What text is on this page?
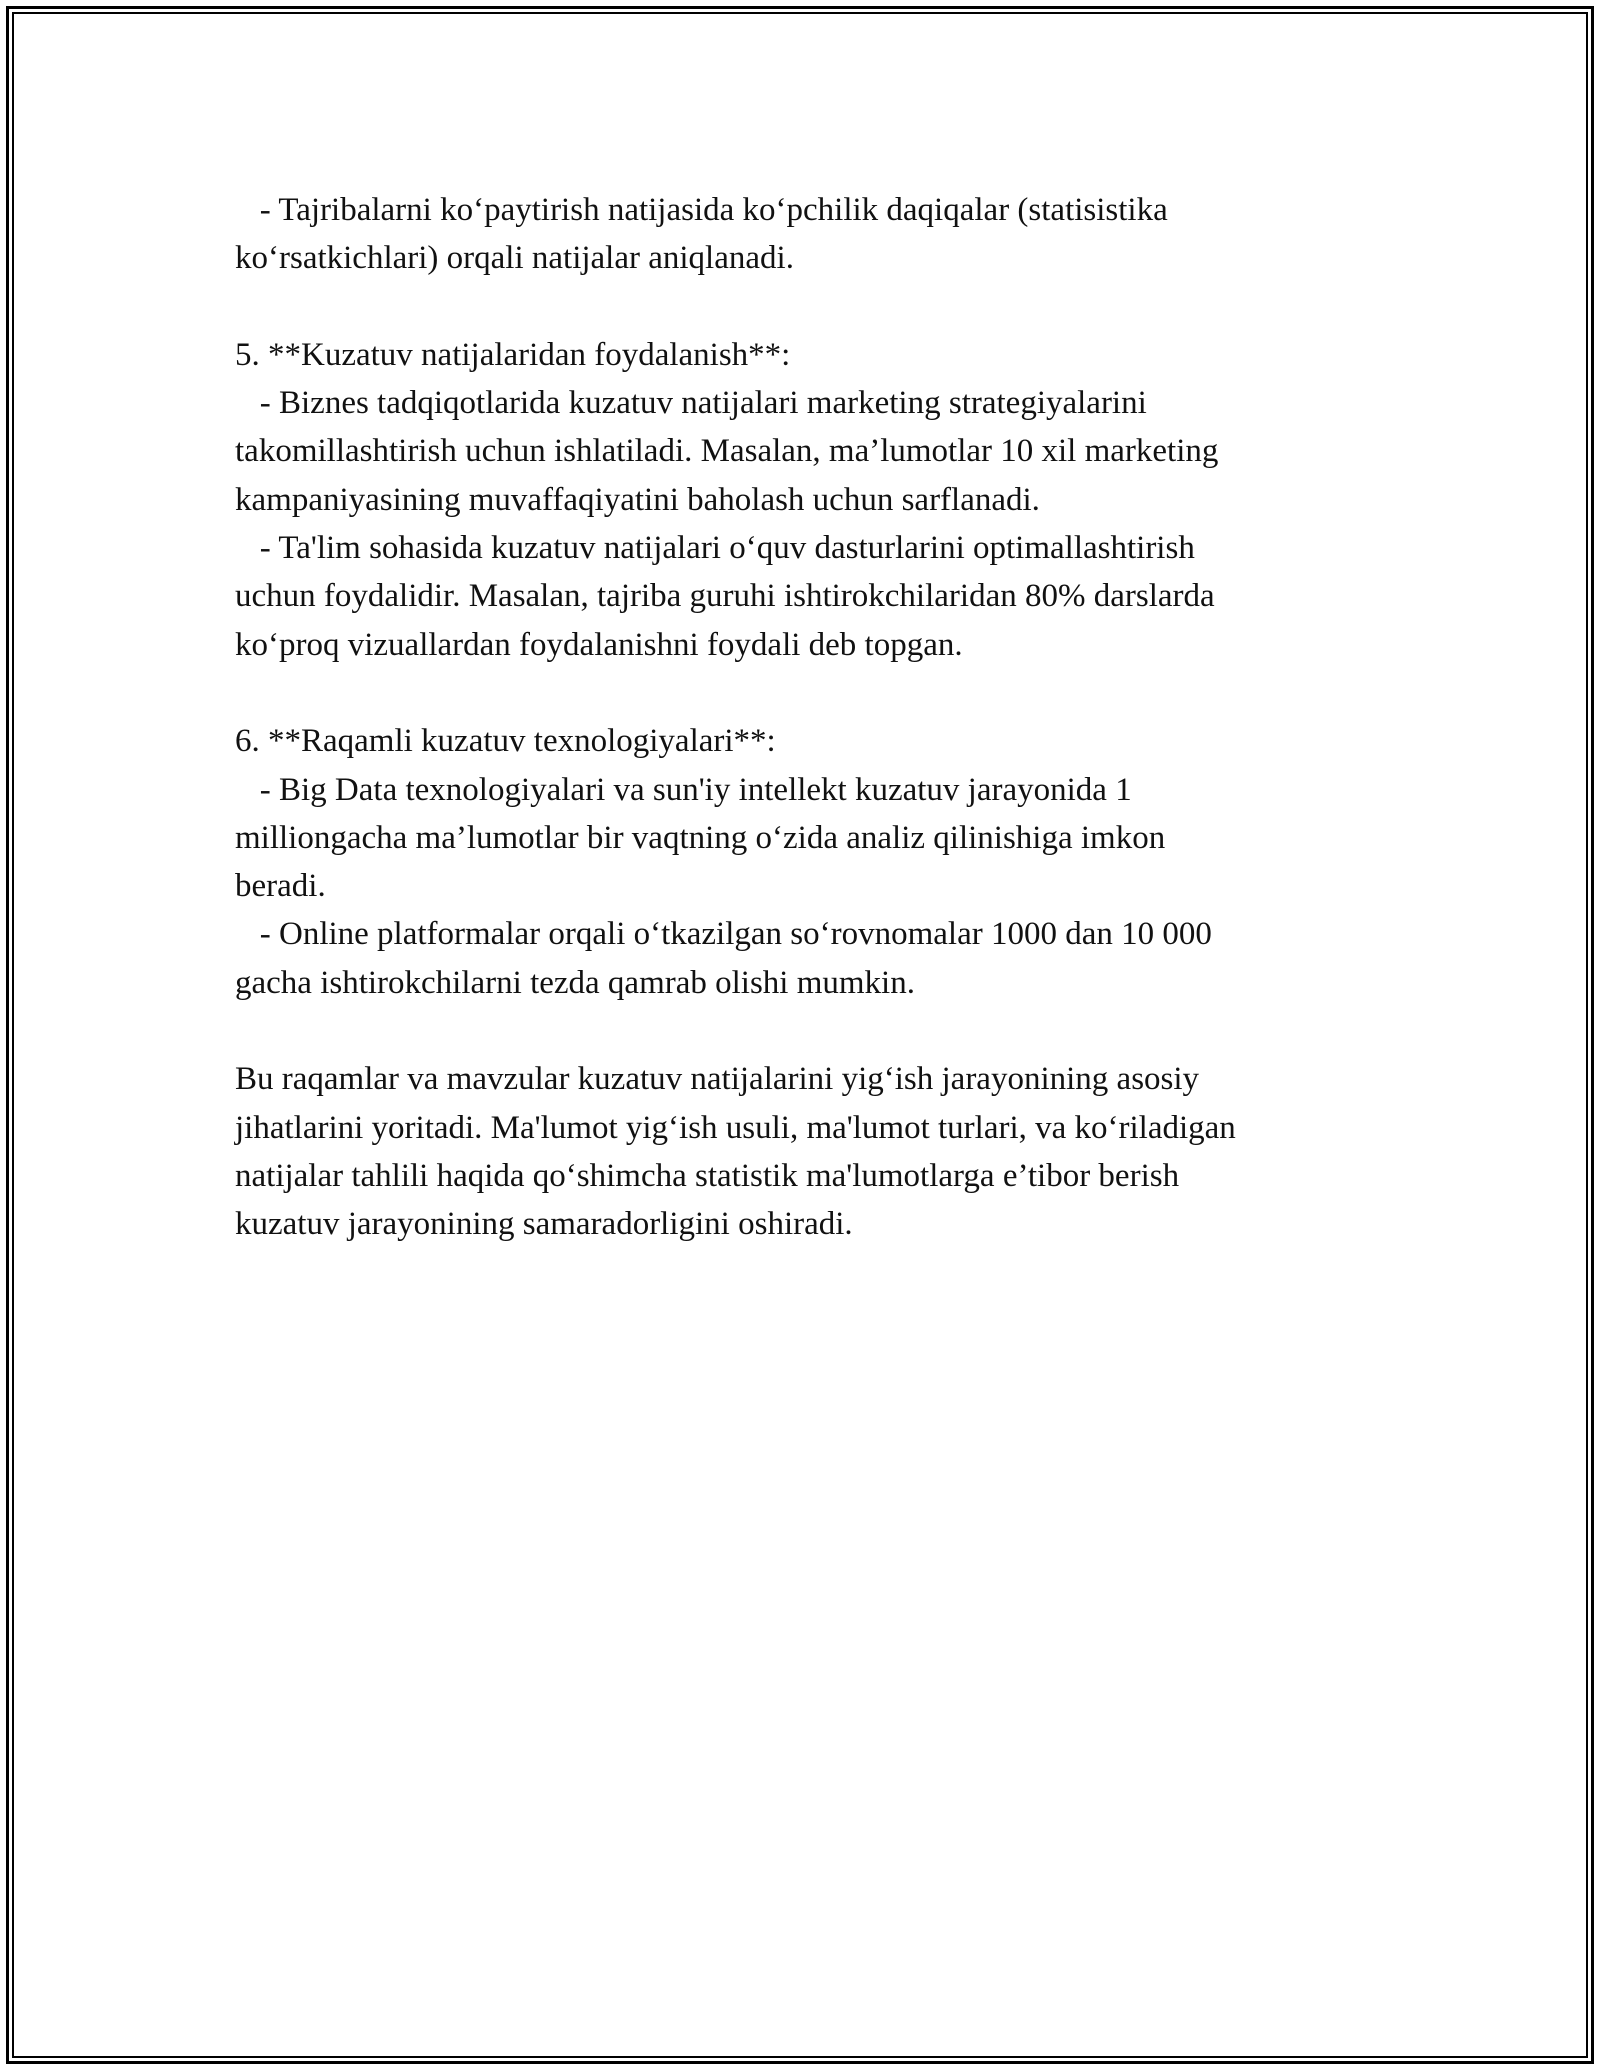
- Tajribalarni ko‘paytirish natijasida ko‘pchilik daqiqalar (statisistika
ko‘rsatkichlari) orqali natijalar aniqlanadi.
5. **Kuzatuv natijalaridan foydalanish**:
- Biznes tadqiqotlarida kuzatuv natijalari marketing strategiyalarini
takomillashtirish uchun ishlatiladi. Masalan, ma’lumotlar 10 xil marketing
kampaniyasining muvaffaqiyatini baholash uchun sarflanadi.
- Ta'lim sohasida kuzatuv natijalari o‘quv dasturlarini optimallashtirish
uchun foydalidir. Masalan, tajriba guruhi ishtirokchilaridan 80% darslarda
ko‘proq vizuallardan foydalanishni foydali deb topgan.
6. **Raqamli kuzatuv texnologiyalari**:
- Big Data texnologiyalari va sun'iy intellekt kuzatuv jarayonida 1
milliongacha ma’lumotlar bir vaqtning o‘zida analiz qilinishiga imkon
beradi.
- Online platformalar orqali o‘tkazilgan so‘rovnomalar 1000 dan 10 000
gacha ishtirokchilarni tezda qamrab olishi mumkin.
Bu raqamlar va mavzular kuzatuv natijalarini yig‘ish jarayonining asosiy
jihatlarini yoritadi. Ma'lumot yig‘ish usuli, ma'lumot turlari, va ko‘riladigan
natijalar tahlili haqida qo‘shimcha statistik ma'lumotlarga e’tibor berish
kuzatuv jarayonining samaradorligini oshiradi.
